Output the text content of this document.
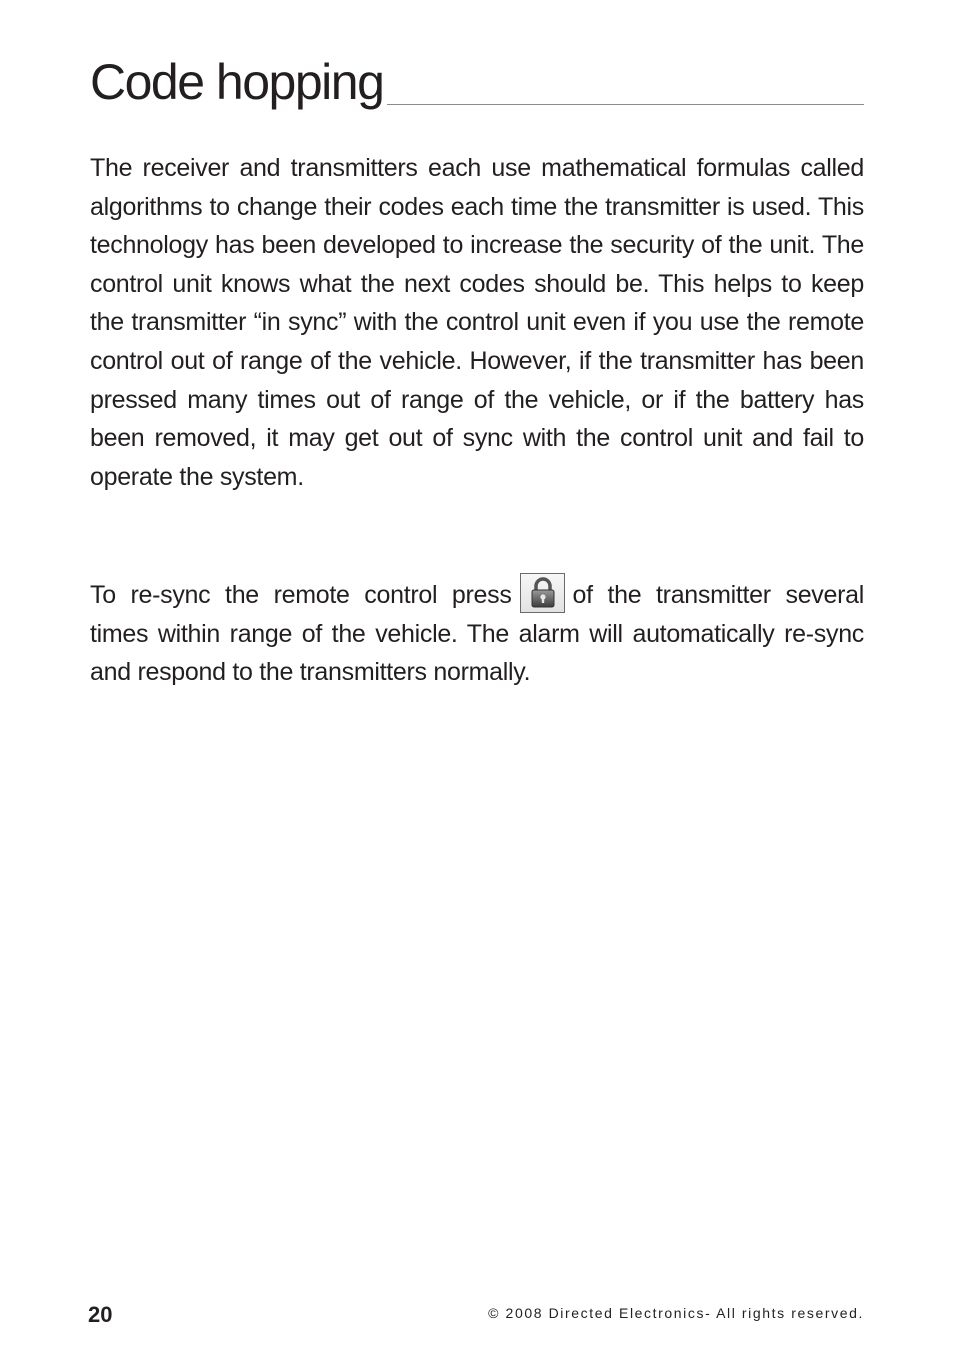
Code hopping

The receiver and transmitters each use mathematical formulas called algorithms to change their codes each time the transmitter is used. This technology has been developed to increase the security of the unit. The control unit knows what the next codes should be. This helps to keep the transmitter “in sync” with the control unit even if you use the remote control out of range of the vehicle. However, if the transmitter has been pressed many times out of range of the vehicle, or if the battery has been removed, it may get out of sync with the control unit and fail to operate the system.

To re-sync the remote control press of the transmitter several times within range of the vehicle. The alarm will automatically re-sync and respond to the transmitters normally.

20	© 2008 Directed Electronics- All rights reserved.
